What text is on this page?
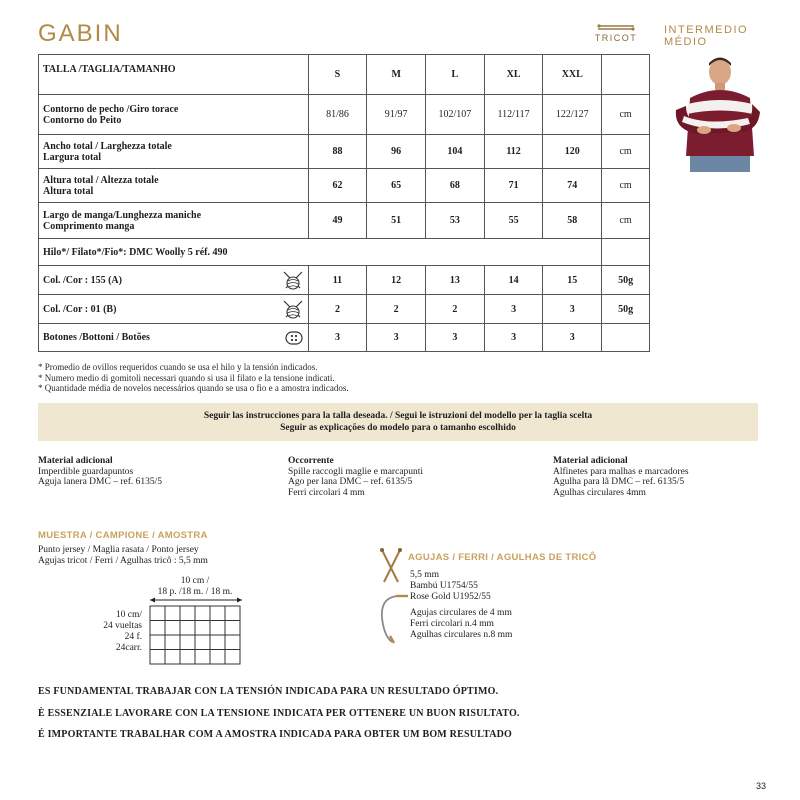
GABIN	TRICOT
INTERMEDIO
MÉDIO
TALLA /TAGLIA/TAMANHO	S	M	L	XL	XXL	

Contorno de pecho /Giro torace
Contorno do Peito	81/86	91/97	102/107	112/117	122/127	cm

Ancho total / Larghezza totale
Largura total	88	96	104	112	120	cm

Altura total / Altezza totale
Altura total	62	65	68	71	74	cm

Largo de manga/Lunghezza maniche
Comprimento manga	49	51	53	55	58	cm
Hilo*/ Filato*/Fio*: DMC Woolly 5 réf. 490						

Col. /Cor : 155 (A)	11	12	13	14	15	50g

Col. /Cor : 01 (B)	2	2	2	3	3	50g

Botones /Bottoni / Botões	3	3	3	3	3	
* Promedio de ovillos requeridos cuando se usa el hilo y la tensión indicados.
* Numero medio di gomitoli necessari quando si usa il filato e la tensione indicati.
* Quantidade média de novelos necessários quando se usa o fio e a amostra indicados.
Seguir las instrucciones para la talla deseada. / Segui le istruzioni del modello per la taglia scelta
Seguir as explicações do modelo para o tamanho escolhido
Material adicional
Imperdible guardapuntos
Aguja lanera DMC – ref. 6135/5
Occorrente
Spille raccogli maglie e marcapunti
Ago per lana DMC – ref. 6135/5
Ferri circolari 4 mm
Material adicional
Alfinetes para malhas e marcadores
Agulha para lã DMC – ref. 6135/5
Agulhas circulares 4mm
MUESTRA / CAMPIONE / AMOSTRA
Punto jersey / Maglia rasata / Ponto jersey
Agujas tricot / Ferri / Agulhas tricô : 5,5 mm
10 cm /
18 p. /18 m. / 18 m.
10 cm/
24 vueltas
24 f.
24carr.
AGUJAS / FERRI / AGULHAS DE TRICÔ
5,5 mm
Bambú U1754/55
Rose Gold U1952/55
Agujas circulares de 4 mm
Ferri circolari n.4 mm
Agulhas circulares n.8 mm
ES FUNDAMENTAL TRABAJAR CON LA TENSIÓN INDICADA PARA UN RESULTADO ÓPTIMO.
È ESSENZIALE LAVORARE CON LA TENSIONE INDICATA PER OTTENERE UN BUON RISULTATO.
É IMPORTANTE TRABALHAR COM A AMOSTRA INDICADA PARA OBTER UM BOM RESULTADO
33
